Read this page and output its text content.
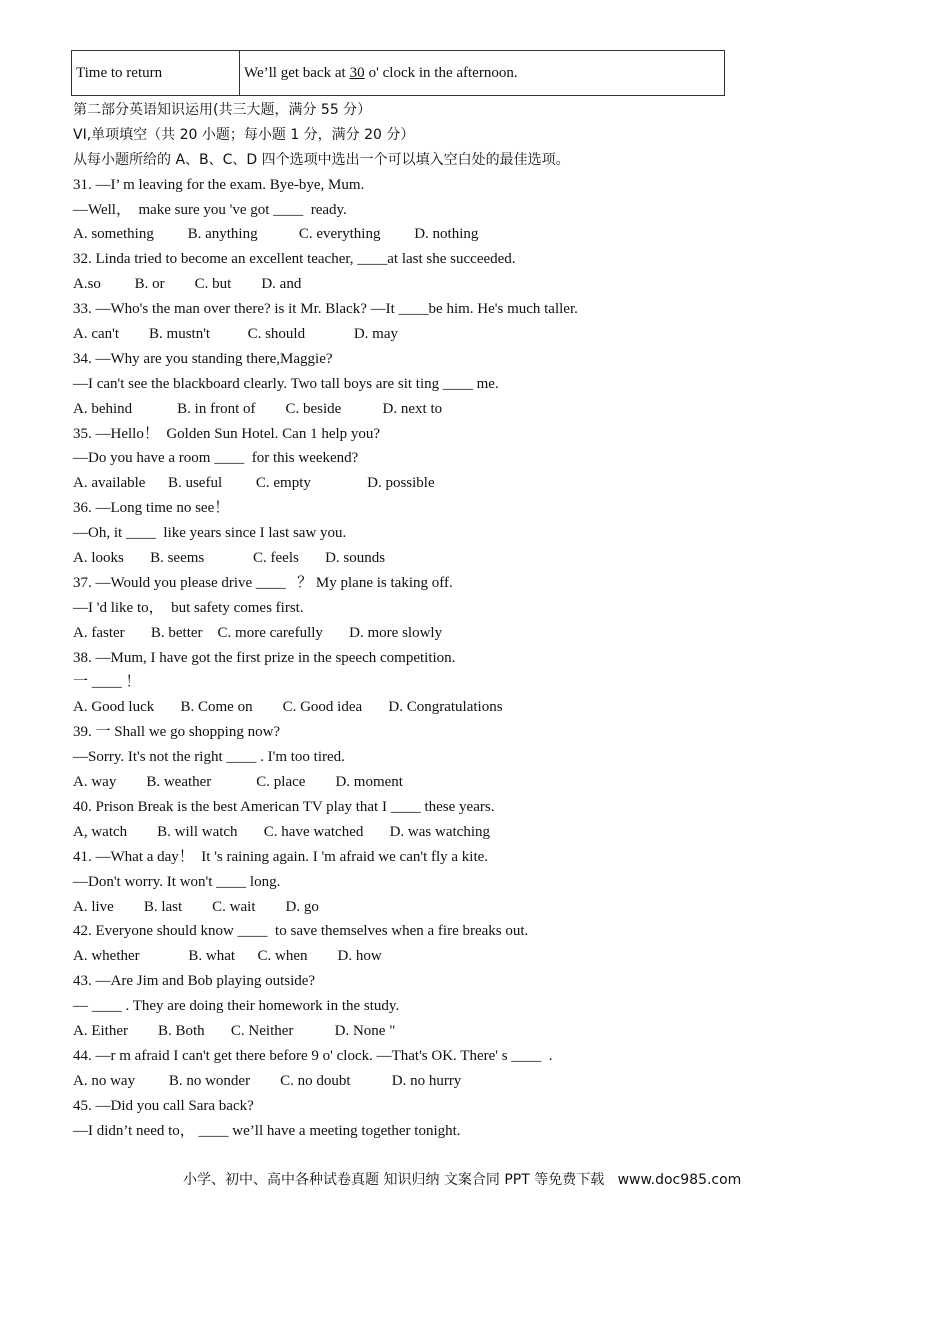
Time to return	We’ll get back at 30 o' clock in the afternoon.
第二部分英语知识运用(共三大题，满分 55 分）
VI,单项填空（共 20 小题；每小题 1 分，满分 20 分）
从每小题所给的 A、B、C、D 四个选项中选出一个可以填入空白处的最佳选项。
31. —I’ m leaving for the exam. Bye-bye, Mum.
—Well，  make sure you 've got ____  ready.
A. something         B. anything           C. everything         D. nothing
32. Linda tried to become an excellent teacher, ____at last she succeeded.
A.so         B. or        C. but        D. and
33. —Who's the man over there? is it Mr. Black? —It ____be him. He's much taller.
A. can't        B. mustn't          C. should             D. may
34. —Why are you standing there,Maggie?
—I can't see the blackboard clearly. Two tall boys are sit ting ____ me.
A. behind            B. in front of        C. beside           D. next to
35. —Hello！  Golden Sun Hotel. Can 1 help you?
—Do you have a room ____  for this weekend?
A. available      B. useful         C. empty               D. possible
36. —Long time no see！
—Oh, it ____  like years since I last saw you.
A. looks       B. seems             C. feels       D. sounds
37. —Would you please drive ____   ？ My plane is taking off.
—I 'd like to，  but safety comes first.
A. faster       B. better    C. more carefully       D. more slowly
38. —Mum, I have got the first prize in the speech competition.
一 ____ ！
A. Good luck       B. Come on        C. Good idea       D. Congratulations
39. 一 Shall we go shopping now?
—Sorry. It's not the right ____ . I'm too tired.
A. way        B. weather            C. place        D. moment
40. Prison Break is the best American TV play that I ____ these years.
A, watch        B. will watch       C. have watched       D. was watching
41. —What a day！  It 's raining again. I 'm afraid we can't fly a kite.
—Don't worry. It won't ____ long.
A. live        B. last        C. wait        D. go
42. Everyone should know ____  to save themselves when a fire breaks out.
A. whether             B. what      C. when        D. how
43. —Are Jim and Bob playing outside?
— ____ . They are doing their homework in the study.
A. Either        B. Both       C. Neither           D. None "
44. —r m afraid I can't get there before 9 o' clock. —That's OK. There' s ____  .
A. no way         B. no wonder        C. no doubt           D. no hurry
45. —Did you call Sara back?
—I didn’t need to， ____ we’ll have a meeting together tonight.
小学、初中、高中各种试卷真题 知识归纳 文案合同 PPT 等免费下载   www.doc985.com
